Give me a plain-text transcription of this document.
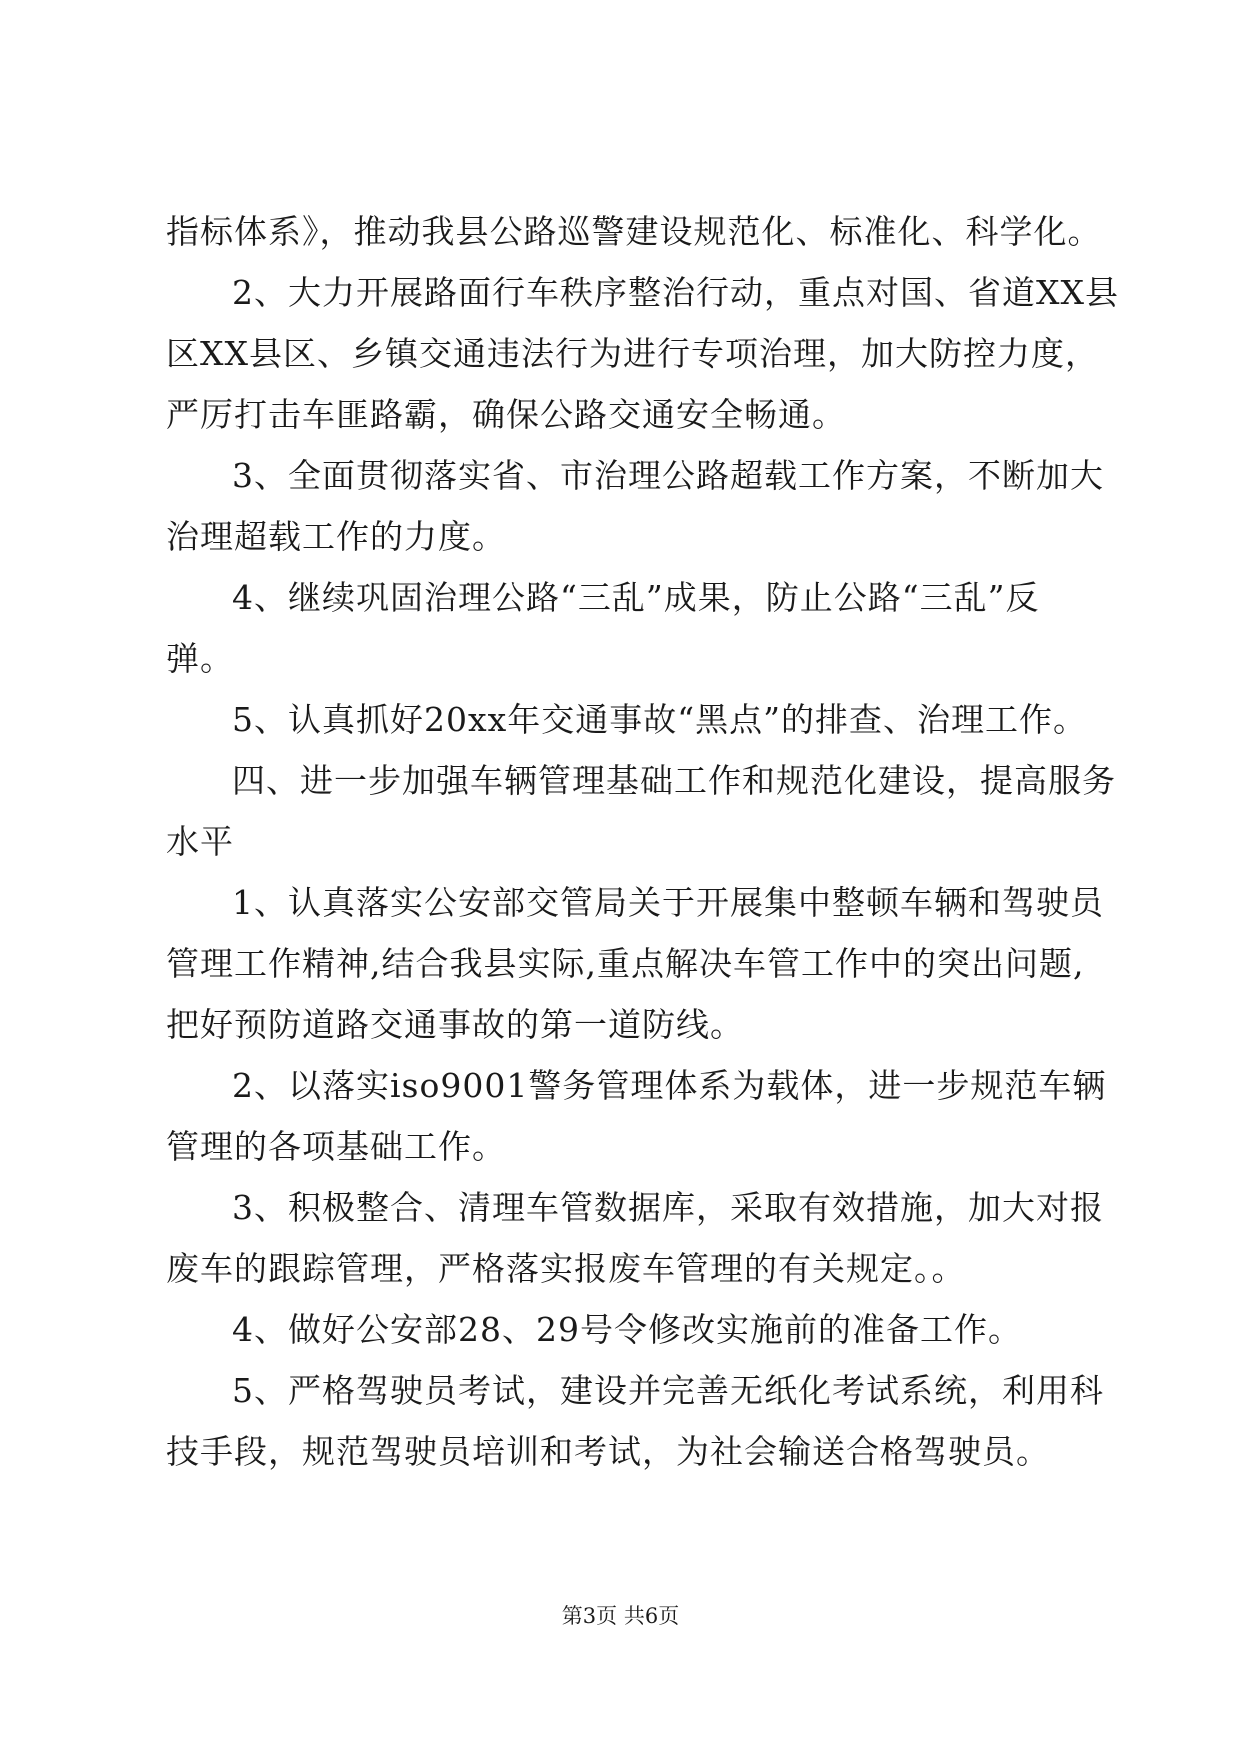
指标体系》，推动我县公路巡警建设规范化、标准化、科学化。
2、大力开展路面行车秩序整治行动，重点对国、省道XX县
区XX县区、乡镇交通违法行为进行专项治理，加大防控力度，
严厉打击车匪路霸，确保公路交通安全畅通。
3、全面贯彻落实省、市治理公路超载工作方案，不断加大
治理超载工作的力度。
4、继续巩固治理公路“三乱”成果，防止公路“三乱”反
弹。
5、认真抓好20xx年交通事故“黑点”的排查、治理工作。
四、进一步加强车辆管理基础工作和规范化建设，提高服务
水平
1、认真落实公安部交管局关于开展集中整顿车辆和驾驶员
管理工作精神,结合我县实际,重点解决车管工作中的突出问题,
把好预防道路交通事故的第一道防线。
2、以落实iso9001警务管理体系为载体，进一步规范车辆
管理的各项基础工作。
3、积极整合、清理车管数据库，采取有效措施，加大对报
废车的跟踪管理，严格落实报废车管理的有关规定。。
4、做好公安部28、29号令修改实施前的准备工作。
5、严格驾驶员考试，建设并完善无纸化考试系统，利用科
技手段，规范驾驶员培训和考试，为社会输送合格驾驶员。
第3页 共6页
